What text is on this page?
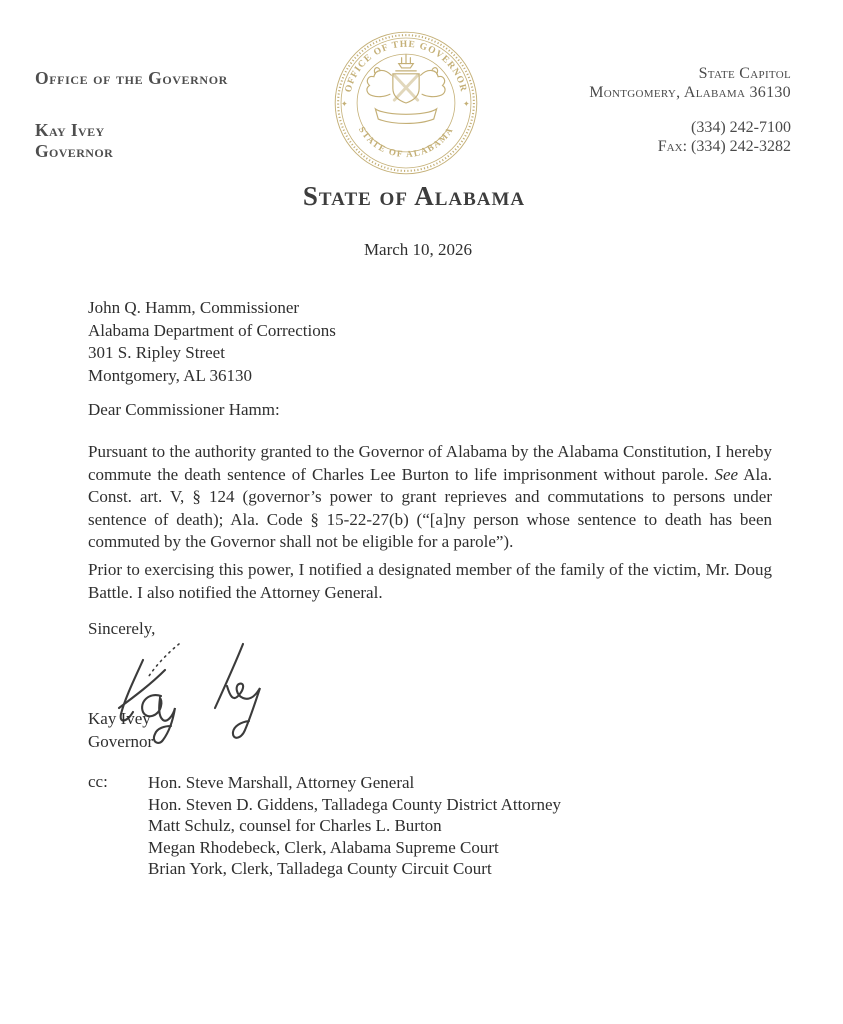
Office of the Governor
Kay Ivey
Governor
OFFICE OF THE GOVERNOR
STATE OF ALABAMA
✦	✦
State Capitol
Montgomery, Alabama 36130
(334) 242-7100
Fax: (334) 242-3282
State of Alabama
March 10, 2026
John Q. Hamm, Commissioner
Alabama Department of Corrections
301 S. Ripley Street
Montgomery, AL 36130
Dear Commissioner Hamm:

Pursuant to the authority granted to the Governor of Alabama by the Alabama Constitution, I hereby commute the death sentence of Charles Lee Burton to life imprisonment without parole. See Ala. Const. art. V, § 124 (governor’s power to grant reprieves and commutations to persons under sentence of death); Ala. Code § 15-22-27(b) (“[a]ny person whose sentence to death has been commuted by the Governor shall not be eligible for a parole”).

Prior to exercising this power, I notified a designated member of the family of the victim, Mr. Doug Battle. I also notified the Attorney General.

Sincerely,
Kay Ivey
Governor
cc:	Hon. Steve Marshall, Attorney General
Hon. Steven D. Giddens, Talladega County District Attorney
Matt Schulz, counsel for Charles L. Burton
Megan Rhodebeck, Clerk, Alabama Supreme Court
Brian York, Clerk, Talladega County Circuit Court
